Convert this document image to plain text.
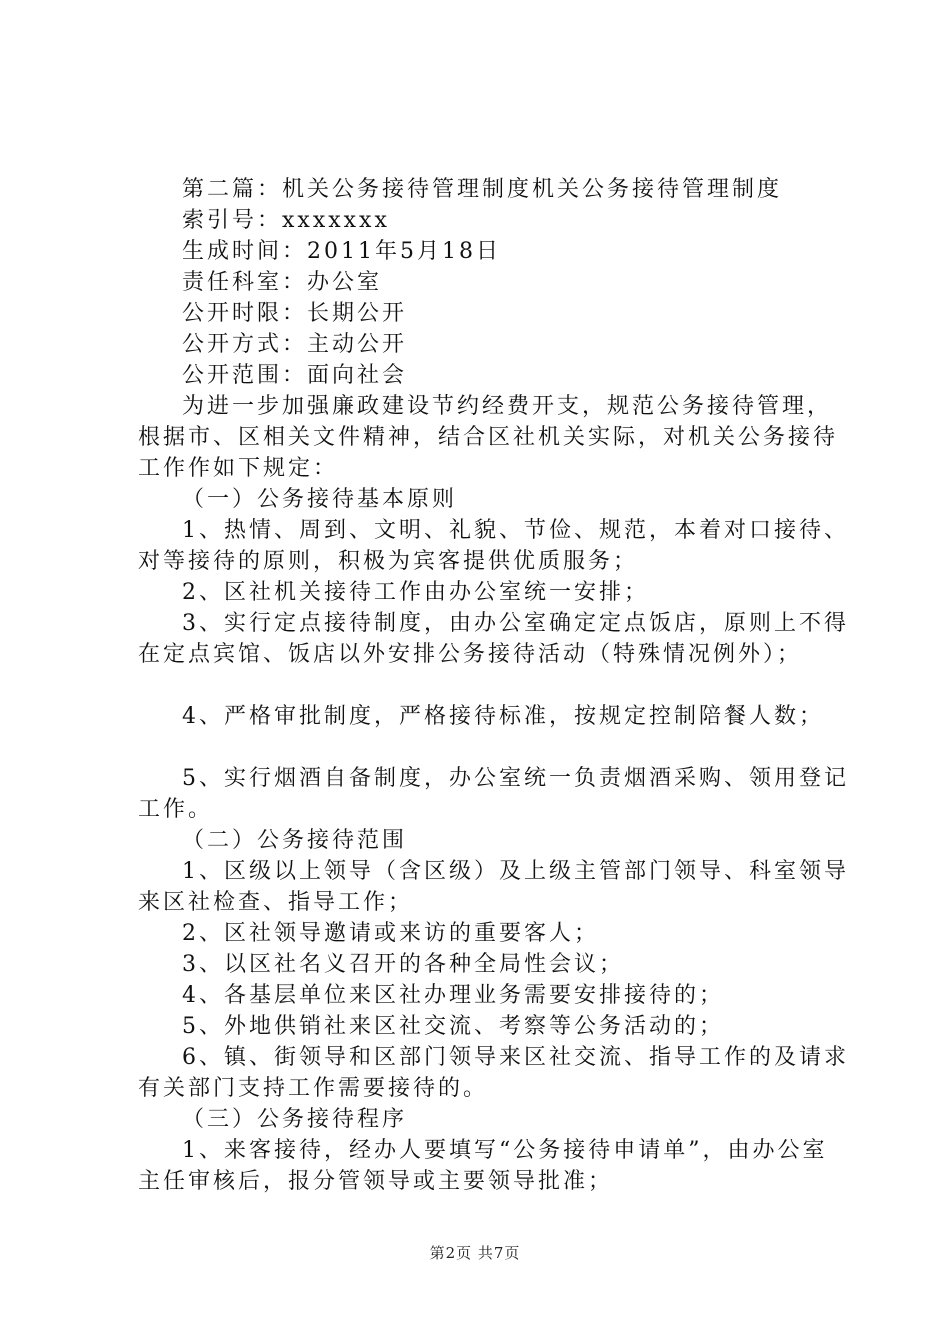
第二篇：机关公务接待管理制度机关公务接待管理制度

索引号：xxxxxxx

生成时间：2011年5月18日

责任科室：办公室

公开时限：长期公开

公开方式：主动公开

公开范围：面向社会

为进一步加强廉政建设节约经费开支，规范公务接待管理，根据市、区相关文件精神，结合区社机关实际，对机关公务接待工作作如下规定：

（一）公务接待基本原则

1、热情、周到、文明、礼貌、节俭、规范，本着对口接待、对等接待的原则，积极为宾客提供优质服务；

2、区社机关接待工作由办公室统一安排；

3、实行定点接待制度，由办公室确定定点饭店，原则上不得在定点宾馆、饭店以外安排公务接待活动（特殊情况例外）；

4、严格审批制度，严格接待标准，按规定控制陪餐人数；

5、实行烟酒自备制度，办公室统一负责烟酒采购、领用登记工作。

（二）公务接待范围

1、区级以上领导（含区级）及上级主管部门领导、科室领导来区社检查、指导工作；

2、区社领导邀请或来访的重要客人；

3、以区社名义召开的各种全局性会议；

4、各基层单位来区社办理业务需要安排接待的；

5、外地供销社来区社交流、考察等公务活动的；

6、镇、街领导和区部门领导来区社交流、指导工作的及请求有关部门支持工作需要接待的。

（三）公务接待程序

1、来客接待，经办人要填写“公务接待申请单”，由办公室主任审核后，报分管领导或主要领导批准；

第2页 共7页
